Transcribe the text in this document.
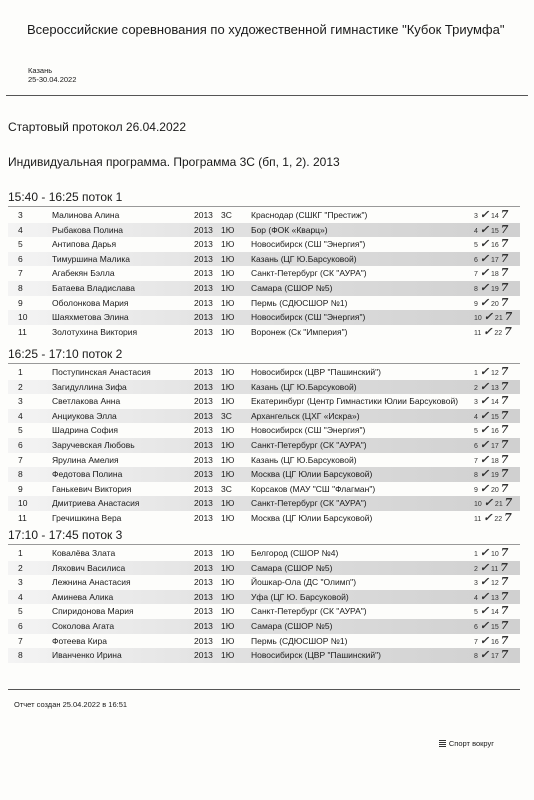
Всероссийские соревнования по художественной гимнастике "Кубок Триумфа"
Казань
25-30.04.2022
Стартовый протокол 26.04.2022
Индивидуальная программа. Программа 3С (бп, 1, 2). 2013
15:40 - 16:25 поток 1
3	Малинова Алина	2013 3С Краснодар (СШКГ "Престиж")	3 ✓ 14 7
4	Рыбакова Полина	2013 1Ю Бор (ФОК «Кварц»)	4 ✓ 15 7
5	Антипова Дарья	2013 1Ю Новосибирск (СШ "Энергия")	5 ✓ 16 7
6	Тимуршина Малика	2013 1Ю Казань (ЦГ Ю.Барсуковой)	6 ✓ 17 7
7	Агабекян Бэлла	2013 1Ю Санкт-Петербург (СК "АУРА")	7 ✓ 18 7
8	Батаева Владислава	2013 1Ю Самара (СШОР №5)	8 ✓ 19 7
9	Оболонкова Мария	2013 1Ю Пермь (СДЮСШОР №1)	9 ✓ 20 7
10	Шаяхметова Элина	2013 1Ю Новосибирск (СШ "Энергия")	10 ✓ 21 7
11	Золотухина Виктория	2013 1Ю Воронеж (Ск "Империя")	11 ✓ 22 7
16:25 - 17:10 поток 2
1	Поступинская Анастасия	2013 1Ю Новосибирск (ЦВР "Пашинский")	1 ✓ 12 7
2	Загидуллина Зифа	2013 1Ю Казань (ЦГ Ю.Барсуковой)	2 ✓ 13 7
3	Светлакова Анна	2013 1Ю Екатеринбург (Центр Гимнастики Юлии Барсуковой) 3 ✓ 14 7
4	Анциукова Элла	2013 3С Архангельск (ЦХГ «Искра»)	4 ✓ 15 7
5	Шадрина София	2013 1Ю Новосибирск (СШ "Энергия")	5 ✓ 16 7
6	Заручевская Любовь	2013 1Ю Санкт-Петербург (СК "АУРА")	6 ✓ 17 7
7	Ярулина Амелия	2013 1Ю Казань (ЦГ Ю.Барсуковой)	7 ✓ 18 7
8	Федотова Полина	2013 1Ю Москва (ЦГ Юлии Барсуковой)	8 ✓ 19 7
9	Ганькевич Виктория	2013 3С Корсаков (МАУ "СШ "Флагман")	9 ✓ 20 7
10	Дмитриева Анастасия	2013 1Ю Санкт-Петербург (СК "АУРА")	10 ✓ 21 7
11	Гречишкина Вера	2013 1Ю Москва (ЦГ Юлии Барсуковой)	11 ✓ 22 7
17:10 - 17:45 поток 3
1	Ковалёва Злата	2013 1Ю Белгород (СШОР №4)	1 ✓ 10 7
2	Ляхович Василиса	2013 1Ю Самара (СШОР №5)	2 ✓ 11 7
3	Лежнина Анастасия	2013 1Ю Йошкар-Ола (ДС "Олимп")	3 ✓ 12 7
4	Аминева Алика	2013 1Ю Уфа (ЦГ Ю. Барсуковой)	4 ✓ 13 7
5	Спиридонова Мария	2013 1Ю Санкт-Петербург (СК "АУРА")	5 ✓ 14 7
6	Соколова Агата	2013 1Ю Самара (СШОР №5)	6 ✓ 15 7
7	Фотеева Кира	2013 1Ю Пермь (СДЮСШОР №1)	7 ✓ 16 7
8	Иванченко Ирина	2013 1Ю Новосибирск (ЦВР "Пашинский")	8 ✓ 17 7
Отчет создан 25.04.2022 в 16:51
Спорт вокруг
